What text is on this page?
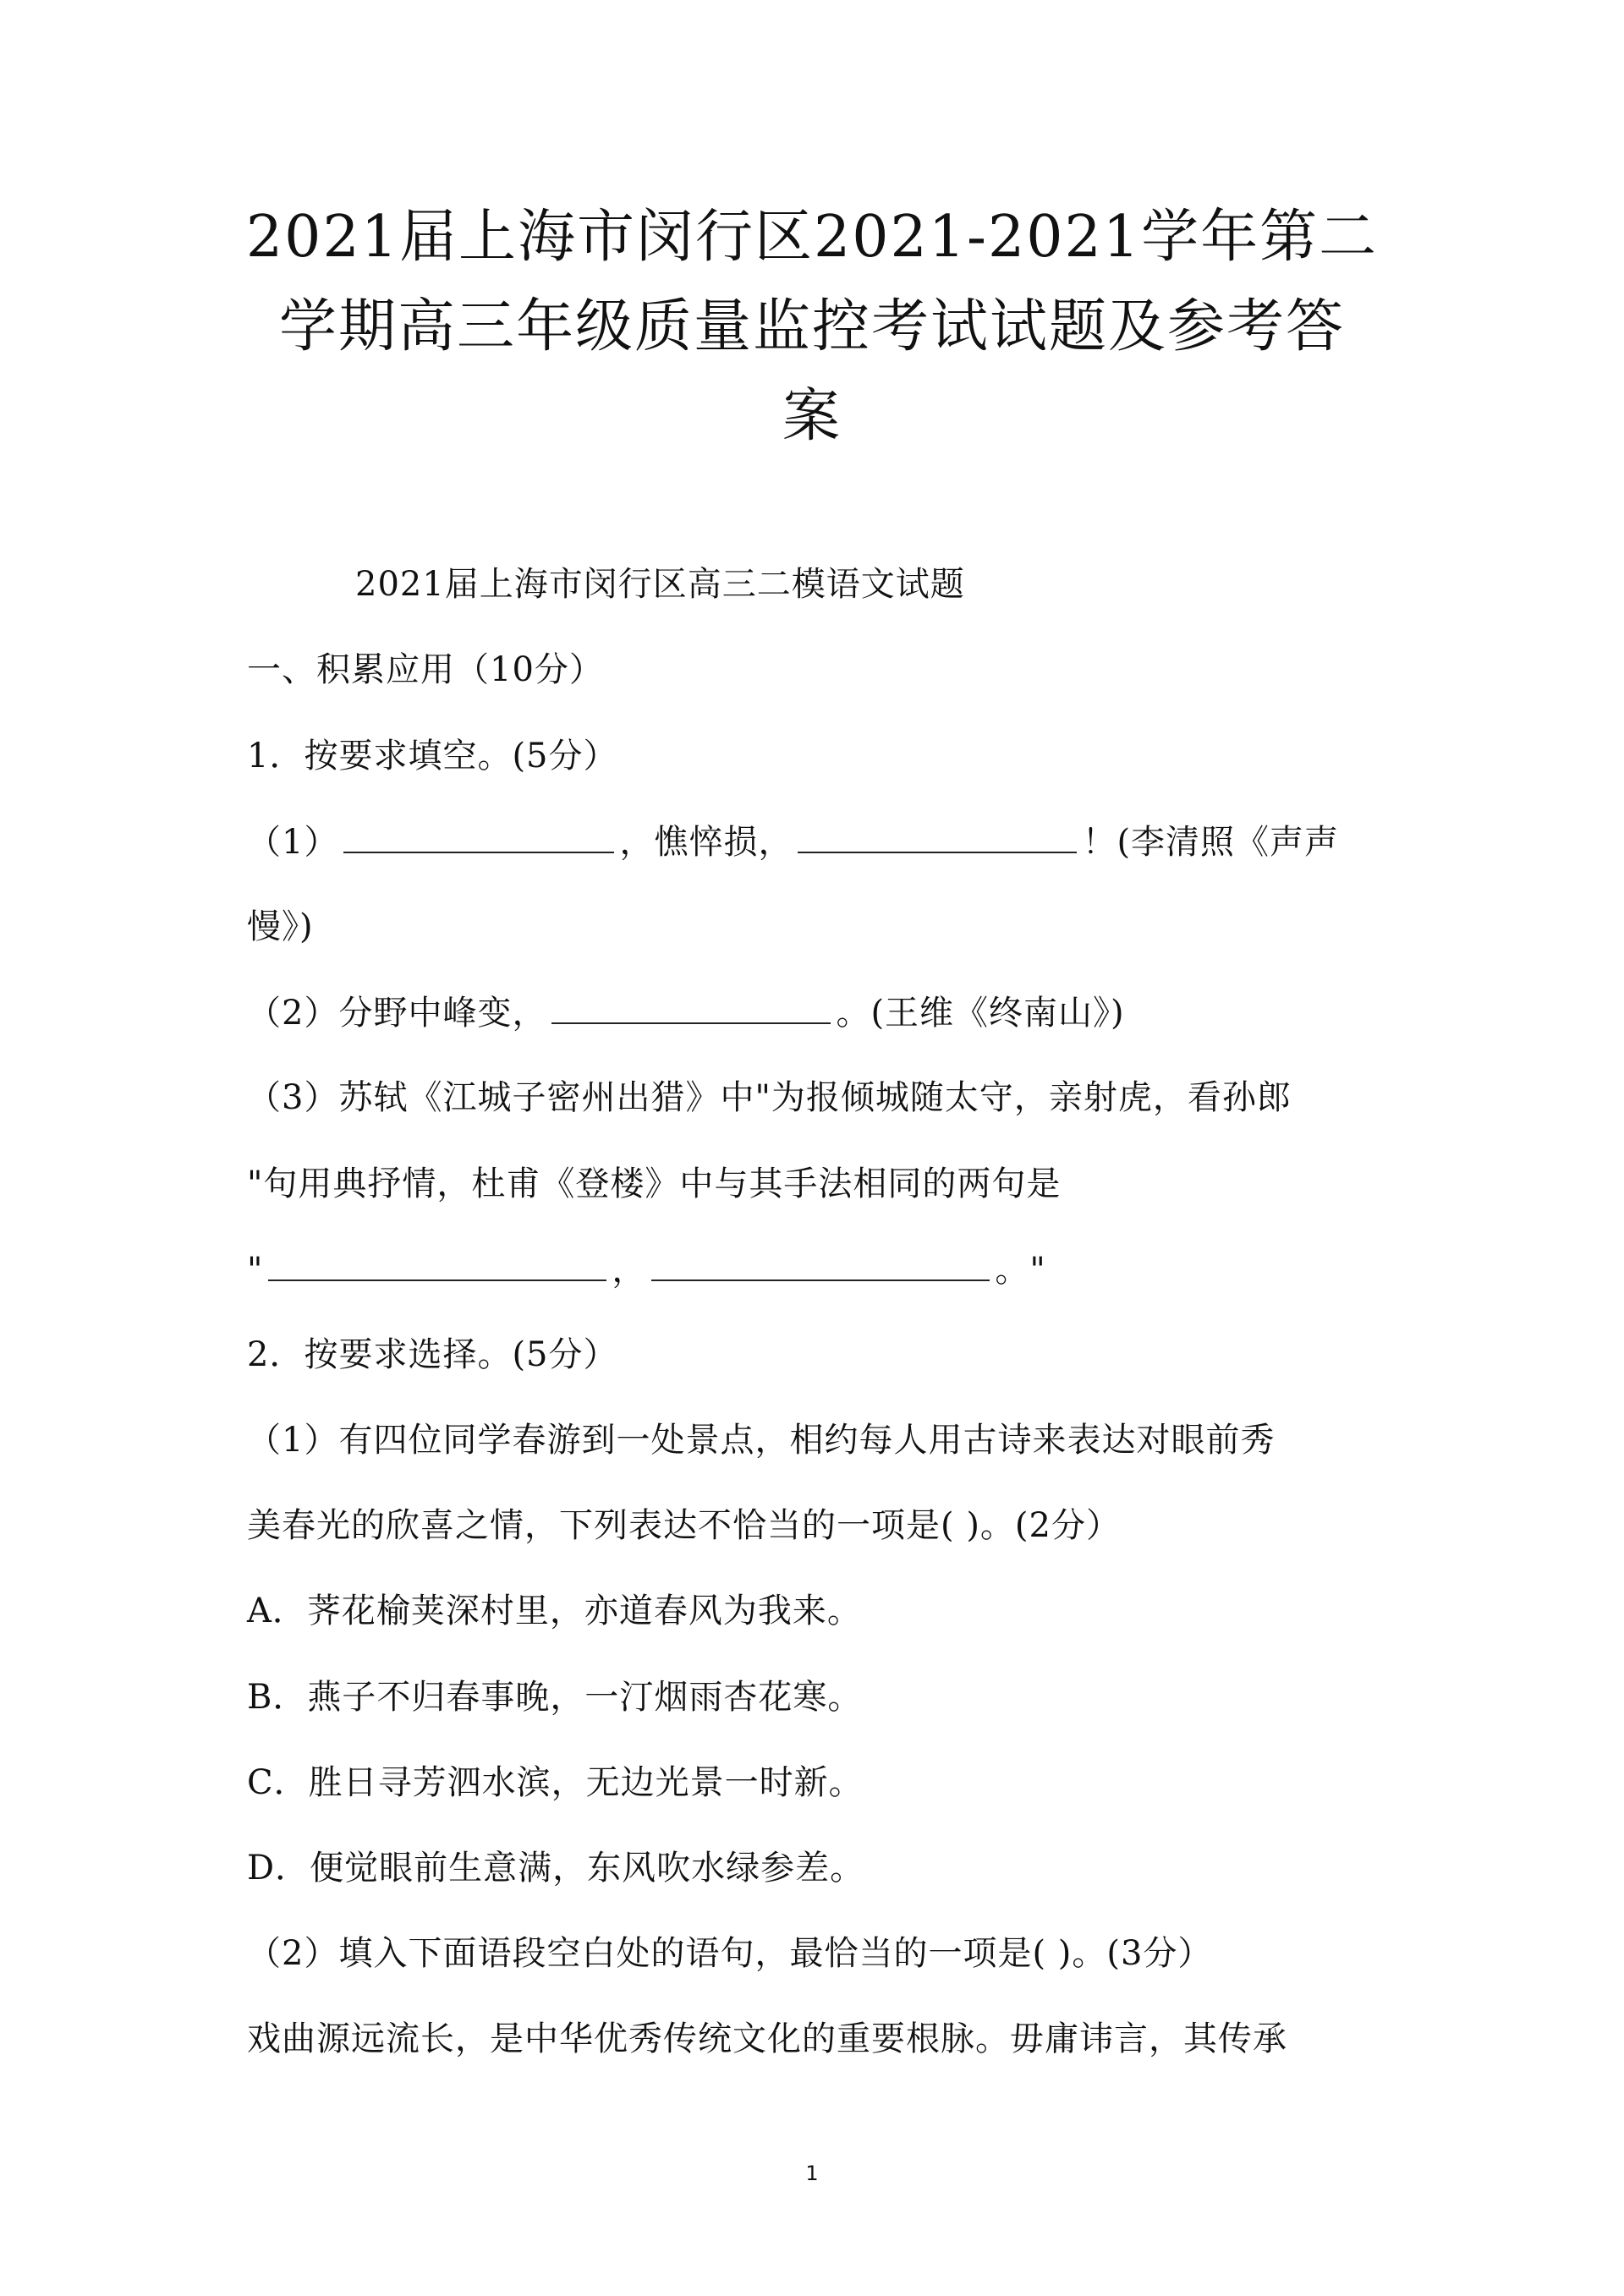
2021届上海市闵行区2021-2021学年第二
学期高三年级质量监控考试试题及参考答
案
2021届上海市闵行区高三二模语文试题
一、积累应用（10分）
1．按要求填空。(5分）
（1）	，憔悴损，	！(李清照《声声
慢》)
（2）分野中峰变，	。(王维《终南山》)
（3）苏轼《江城子密州出猎》中"为报倾城随太守，亲射虎，看孙郎
"句用典抒情，杜甫《登楼》中与其手法相同的两句是
"	，	。"
2．按要求选择。(5分）
（1）有四位同学春游到一处景点，相约每人用古诗来表达对眼前秀
美春光的欣喜之情，下列表达不恰当的一项是( )。(2分）
A．荠花榆荚深村里，亦道春风为我来。
B．燕子不归春事晚，一汀烟雨杏花寒。
C．胜日寻芳泗水滨，无边光景一时新。
D．便觉眼前生意满，东风吹水绿参差。
（2）填入下面语段空白处的语句，最恰当的一项是( )。(3分）
戏曲源远流长，是中华优秀传统文化的重要根脉。毋庸讳言，其传承
1
